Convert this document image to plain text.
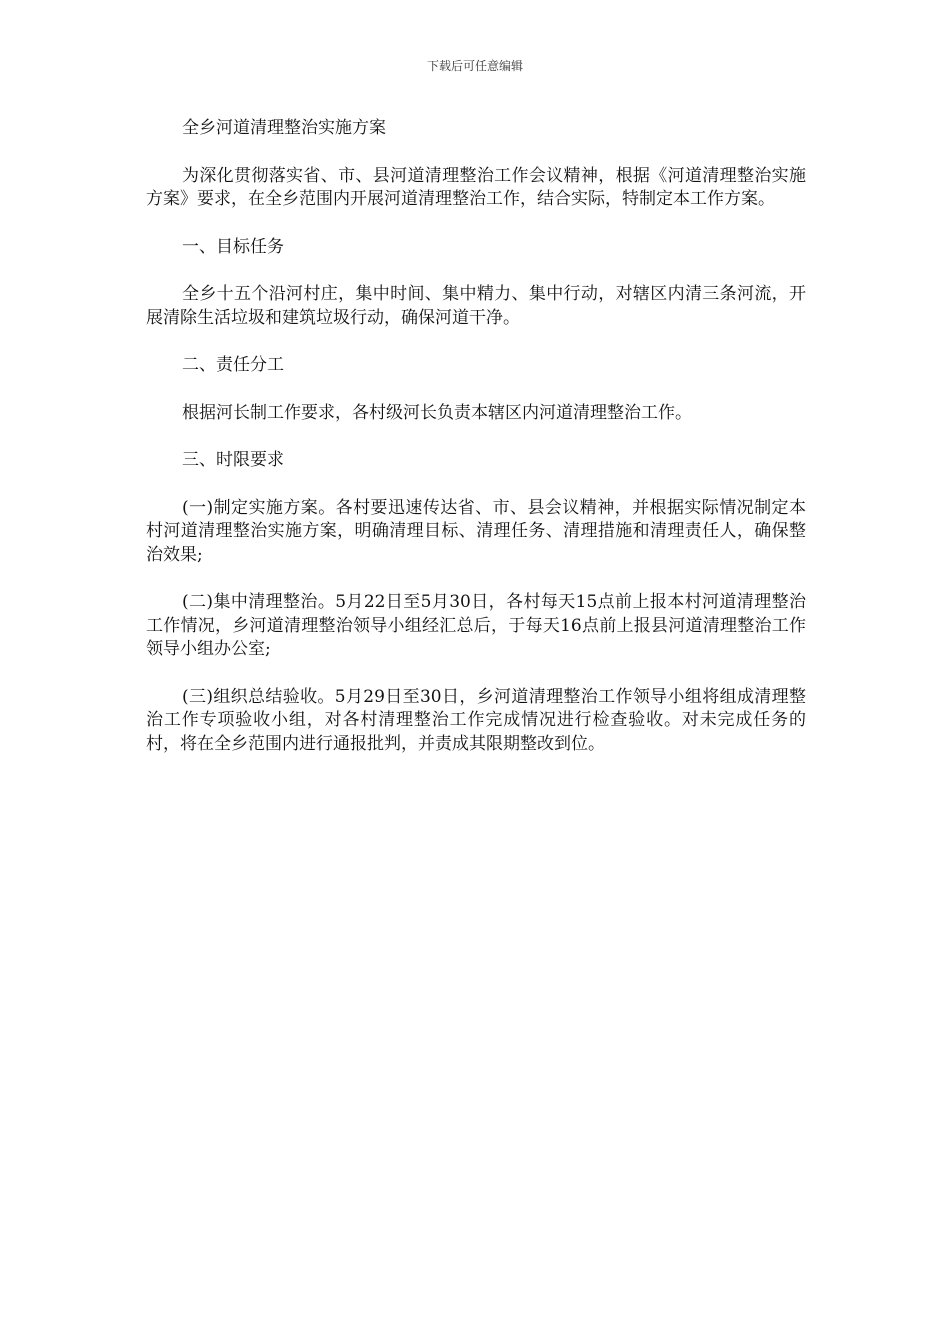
下载后可任意编辑

全乡河道清理整治实施方案

为深化贯彻落实省、市、县河道清理整治工作会议精神，根据《河道清理整治实施方案》要求，在全乡范围内开展河道清理整治工作，结合实际，特制定本工作方案。

一、目标任务

全乡十五个沿河村庄，集中时间、集中精力、集中行动，对辖区内清三条河流，开展清除生活垃圾和建筑垃圾行动，确保河道干净。

二、责任分工

根据河长制工作要求，各村级河长负责本辖区内河道清理整治工作。

三、时限要求

(一)制定实施方案。各村要迅速传达省、市、县会议精神，并根据实际情况制定本村河道清理整治实施方案，明确清理目标、清理任务、清理措施和清理责任人，确保整治效果;

(二)集中清理整治。5月22日至5月30日，各村每天15点前上报本村河道清理整治工作情况，乡河道清理整治领导小组经汇总后，于每天16点前上报县河道清理整治工作领导小组办公室;

(三)组织总结验收。5月29日至30日，乡河道清理整治工作领导小组将组成清理整治工作专项验收小组，对各村清理整治工作完成情况进行检查验收。对未完成任务的村，将在全乡范围内进行通报批判，并责成其限期整改到位。
